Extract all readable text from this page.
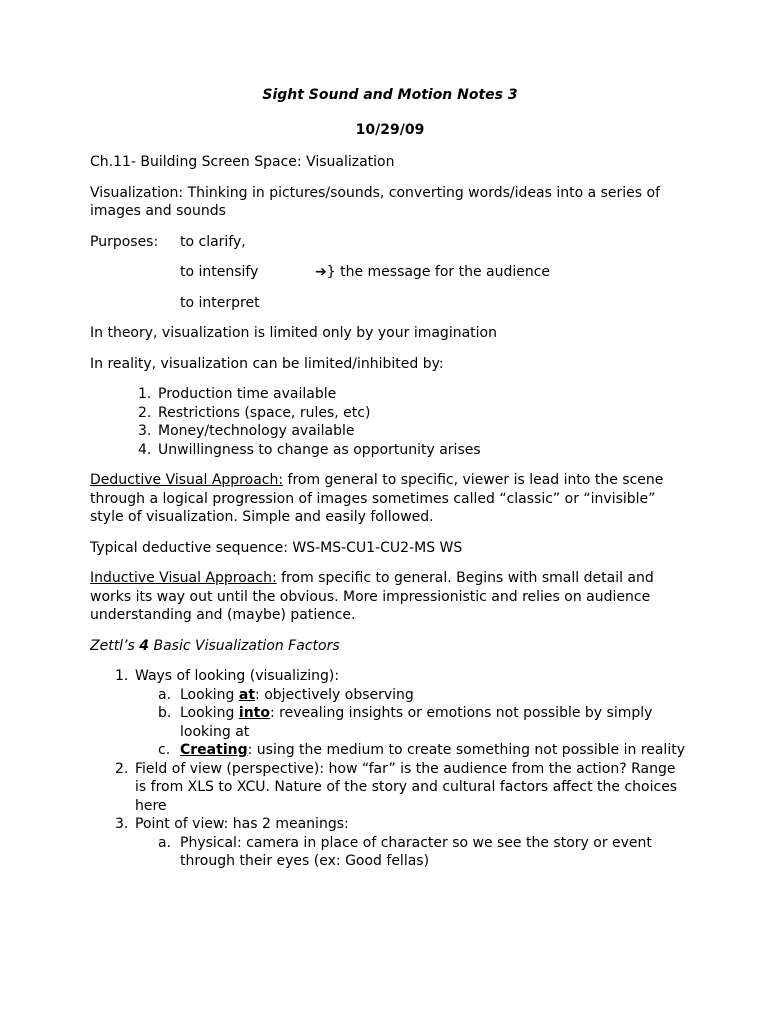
Sight Sound and Motion Notes 3

10/29/09

Ch.11- Building Screen Space: Visualization

Visualization: Thinking in pictures/sounds, converting words/ideas into a series of images and sounds

Purposes:	to clarify,
to intensify	➔} the message for the audience
to interpret

In theory, visualization is limited only by your imagination

In reality, visualization can be limited/inhibited by:

1. Production time available
2. Restrictions (space, rules, etc)
3. Money/technology available
4. Unwillingness to change as opportunity arises

Deductive Visual Approach: from general to specific, viewer is lead into the scene through a logical progression of images sometimes called “classic” or “invisible” style of visualization. Simple and easily followed.

Typical deductive sequence: WS-MS-CU1-CU2-MS WS

Inductive Visual Approach: from specific to general. Begins with small detail and works its way out until the obvious. More impressionistic and relies on audience understanding and (maybe) patience.

Zettl’s 4 Basic Visualization Factors

1. Ways of looking (visualizing):
a. Looking at: objectively observing
b. Looking into: revealing insights or emotions not possible by simply looking at
c. Creating: using the medium to create something not possible in reality
2. Field of view (perspective): how “far” is the audience from the action? Range is from XLS to XCU. Nature of the story and cultural factors affect the choices here
3. Point of view: has 2 meanings:
a. Physical: camera in place of character so we see the story or event through their eyes (ex: Good fellas)
